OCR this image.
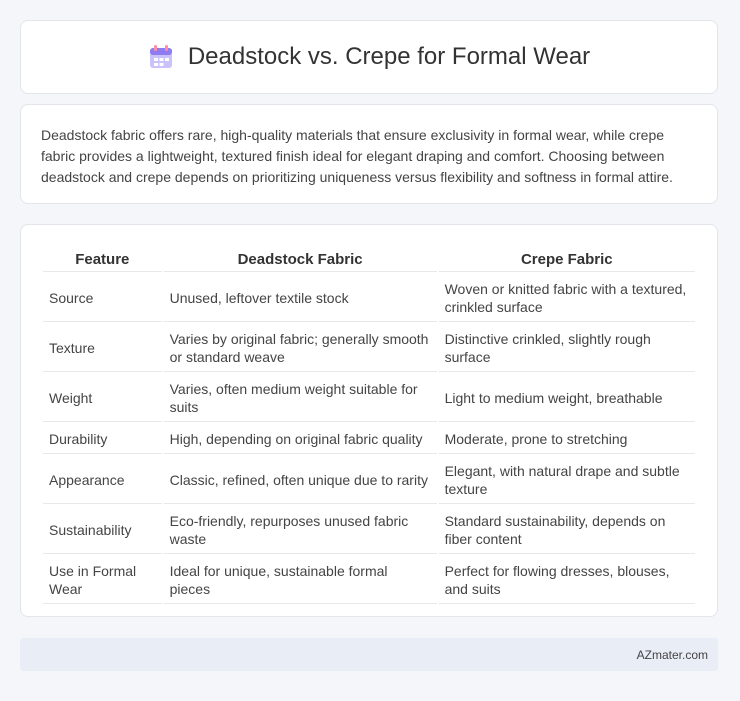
Deadstock vs. Crepe for Formal Wear

Deadstock fabric offers rare, high-quality materials that ensure exclusivity in formal wear, while crepe fabric provides a lightweight, textured finish ideal for elegant draping and comfort. Choosing between deadstock and crepe depends on prioritizing uniqueness versus flexibility and softness in formal attire.

Feature	Deadstock Fabric	Crepe Fabric
Source	Unused, leftover textile stock	Woven or knitted fabric with a textured, crinkled surface
Texture	Varies by original fabric; generally smooth or standard weave	Distinctive crinkled, slightly rough surface
Weight	Varies, often medium weight suitable for suits	Light to medium weight, breathable
Durability	High, depending on original fabric quality	Moderate, prone to stretching
Appearance	Classic, refined, often unique due to rarity	Elegant, with natural drape and subtle texture
Sustainability	Eco-friendly, repurposes unused fabric waste	Standard sustainability, depends on fiber content
Use in Formal Wear	Ideal for unique, sustainable formal pieces	Perfect for flowing dresses, blouses, and suits
AZmater.com
